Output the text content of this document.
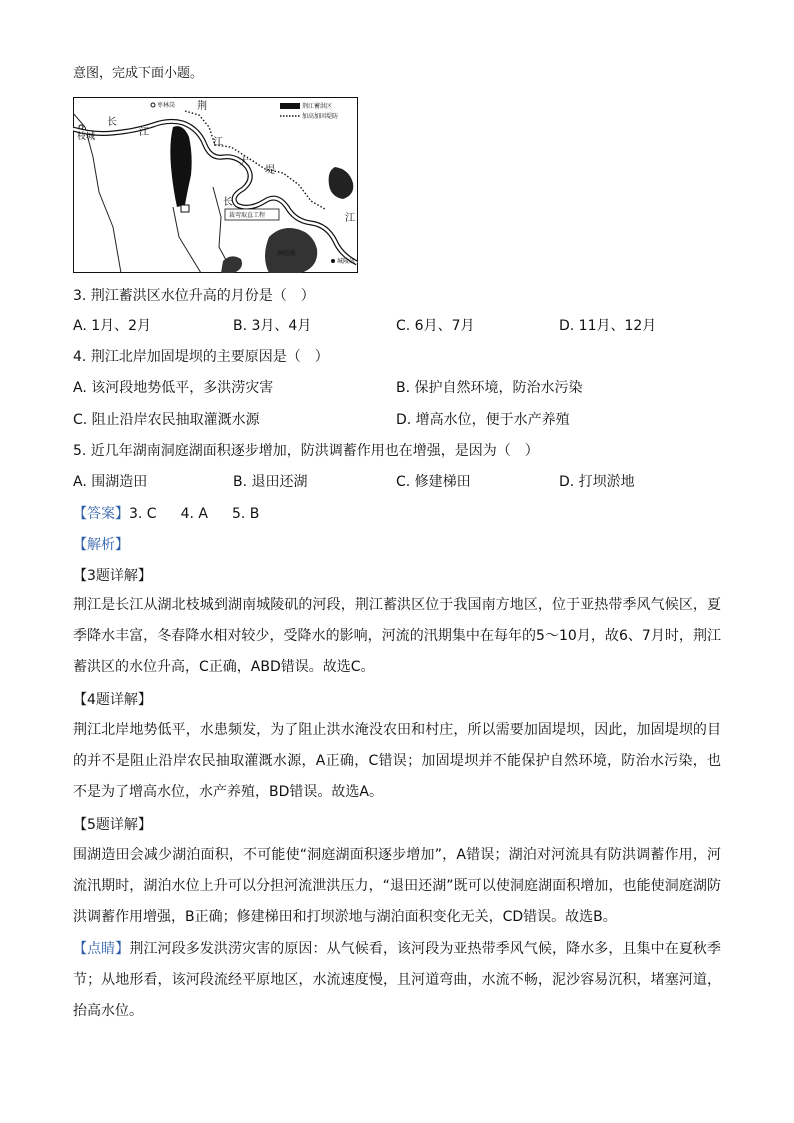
意图，完成下面小题。
荆江蓄洪区
加高加固堤防
枣林岗
枝城
长
江
荆
江
大
堤
长
江
裁弯取直工程
洞庭湖
城陵矶
3. 荆江蓄洪区水位升高的月份是（　）
A. 1月、2月	B. 3月、4月	C. 6月、7月	D. 11月、12月
4. 荆江北岸加固堤坝的主要原因是（　）
A. 该河段地势低平，多洪涝灾害	B. 保护自然环境，防治水污染
C. 阻止沿岸农民抽取灌溉水源	D. 增高水位，便于水产养殖
5. 近几年湖南洞庭湖面积逐步增加，防洪调蓄作用也在增强，是因为（　）
A. 围湖造田	B. 退田还湖	C. 修建梯田	D. 打坝淤地
【答案】3. C 4. A 5. B
【解析】
【3题详解】
荆江是长江从湖北枝城到湖南城陵矶的河段，荆江蓄洪区位于我国南方地区，位于亚热带季风气候区，夏季降水丰富，冬春降水相对较少，受降水的影响，河流的汛期集中在每年的5～10月，故6、7月时，荆江蓄洪区的水位升高，C正确，ABD错误。故选C。
【4题详解】
荆江北岸地势低平，水患频发，为了阻止洪水淹没农田和村庄，所以需要加固堤坝，因此，加固堤坝的目的并不是阻止沿岸农民抽取灌溉水源，A正确，C错误；加固堤坝并不能保护自然环境，防治水污染，也不是为了增高水位，水产养殖，BD错误。故选A。
【5题详解】
围湖造田会减少湖泊面积，不可能使“洞庭湖面积逐步增加”，A错误；湖泊对河流具有防洪调蓄作用，河流汛期时，湖泊水位上升可以分担河流泄洪压力，“退田还湖”既可以使洞庭湖面积增加，也能使洞庭湖防洪调蓄作用增强，B正确；修建梯田和打坝淤地与湖泊面积变化无关，CD错误。故选B。
【点睛】荆江河段多发洪涝灾害的原因：从气候看，该河段为亚热带季风气候，降水多，且集中在夏秋季节；从地形看，该河段流经平原地区，水流速度慢，且河道弯曲，水流不畅，泥沙容易沉积，堵塞河道，抬高水位。
